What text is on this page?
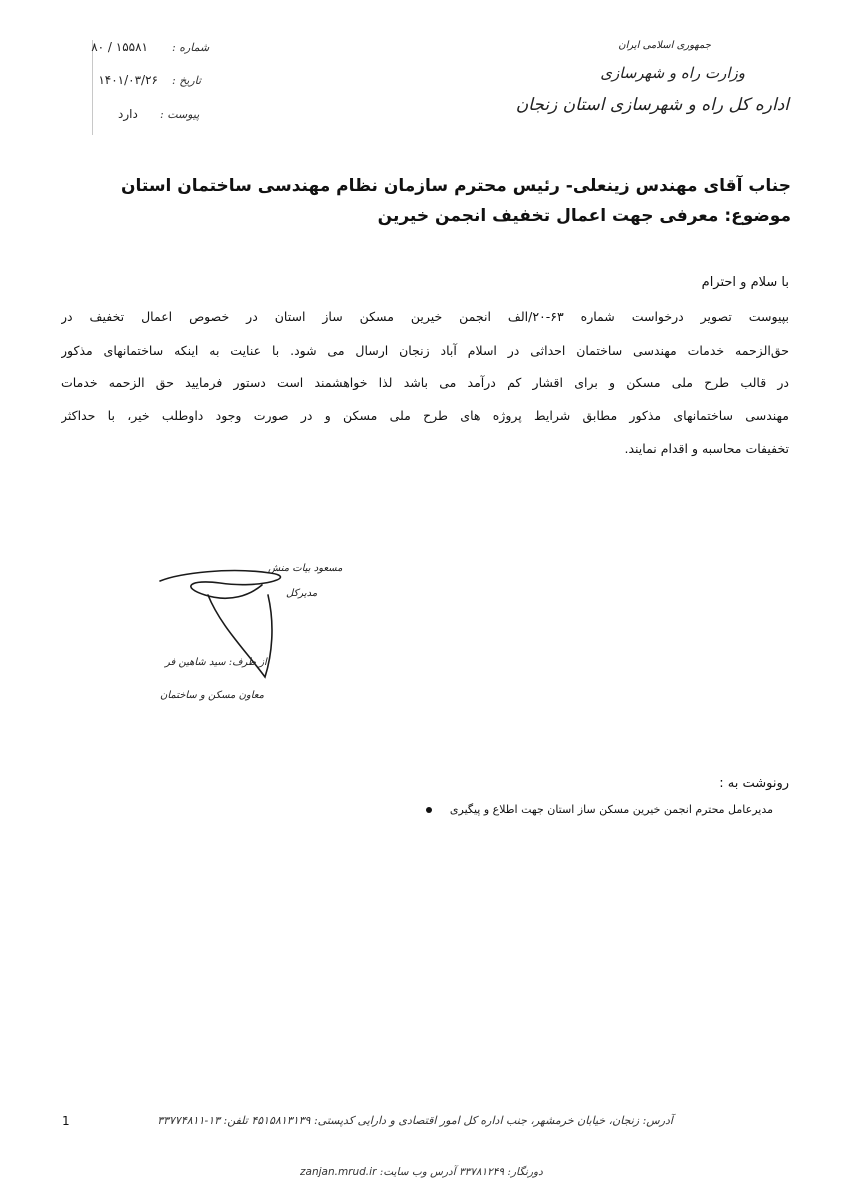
جمهوری اسلامی ایران
وزارت راه و شهرسازی
اداره کل راه و شهرسازی استان زنجان
شماره :
۸۰ / ۱۵۵۸۱
تاریخ :
۱۴۰۱/۰۳/۲۶
پیوست :
دارد
جناب آقای مهندس زینعلی- رئیس محترم سازمان نظام مهندسی ساختمان استان
موضوع: معرفی جهت اعمال تخفیف انجمن خیرین
با سلام و احترام
بپیوست تصویر درخواست شماره ۶۳-۲۰/الف انجمن خیرین مسکن ساز استان در خصوص اعمال تخفیف در
حق‌الزحمه خدمات مهندسی ساختمان احداثی در اسلام آباد زنجان ارسال می شود. با عنایت به اینکه ساختمانهای مذکور
در قالب طرح ملی مسکن و برای اقشار کم درآمد می باشد لذا خواهشمند است دستور فرمایید حق الزحمه خدمات
مهندسی ساختمانهای مذکور مطابق شرایط پروژه های طرح ملی مسکن و در صورت وجود داوطلب خیر، با حداکثر
تخفیفات محاسبه و اقدام نمایند.
مسعود بیات منش
مدیرکل
از طرف: سید شاهین فر
معاون مسکن و ساختمان
رونوشت به :
مدیرعامل محترم انجمن خیرین مسکن ساز استان جهت اطلاع و پیگیری
1	آدرس: زنجان، خیابان خرمشهر، جنب اداره کل امور اقتصادی و دارایی کدپستی: ۴۵۱۵۸۱۳۱۳۹ تلفن: ۱۳-۳۳۷۷۴۸۱۱
zanjan.mrud.ir دورنگار: ۳۳۷۸۱۲۴۹ آدرس وب سایت:
